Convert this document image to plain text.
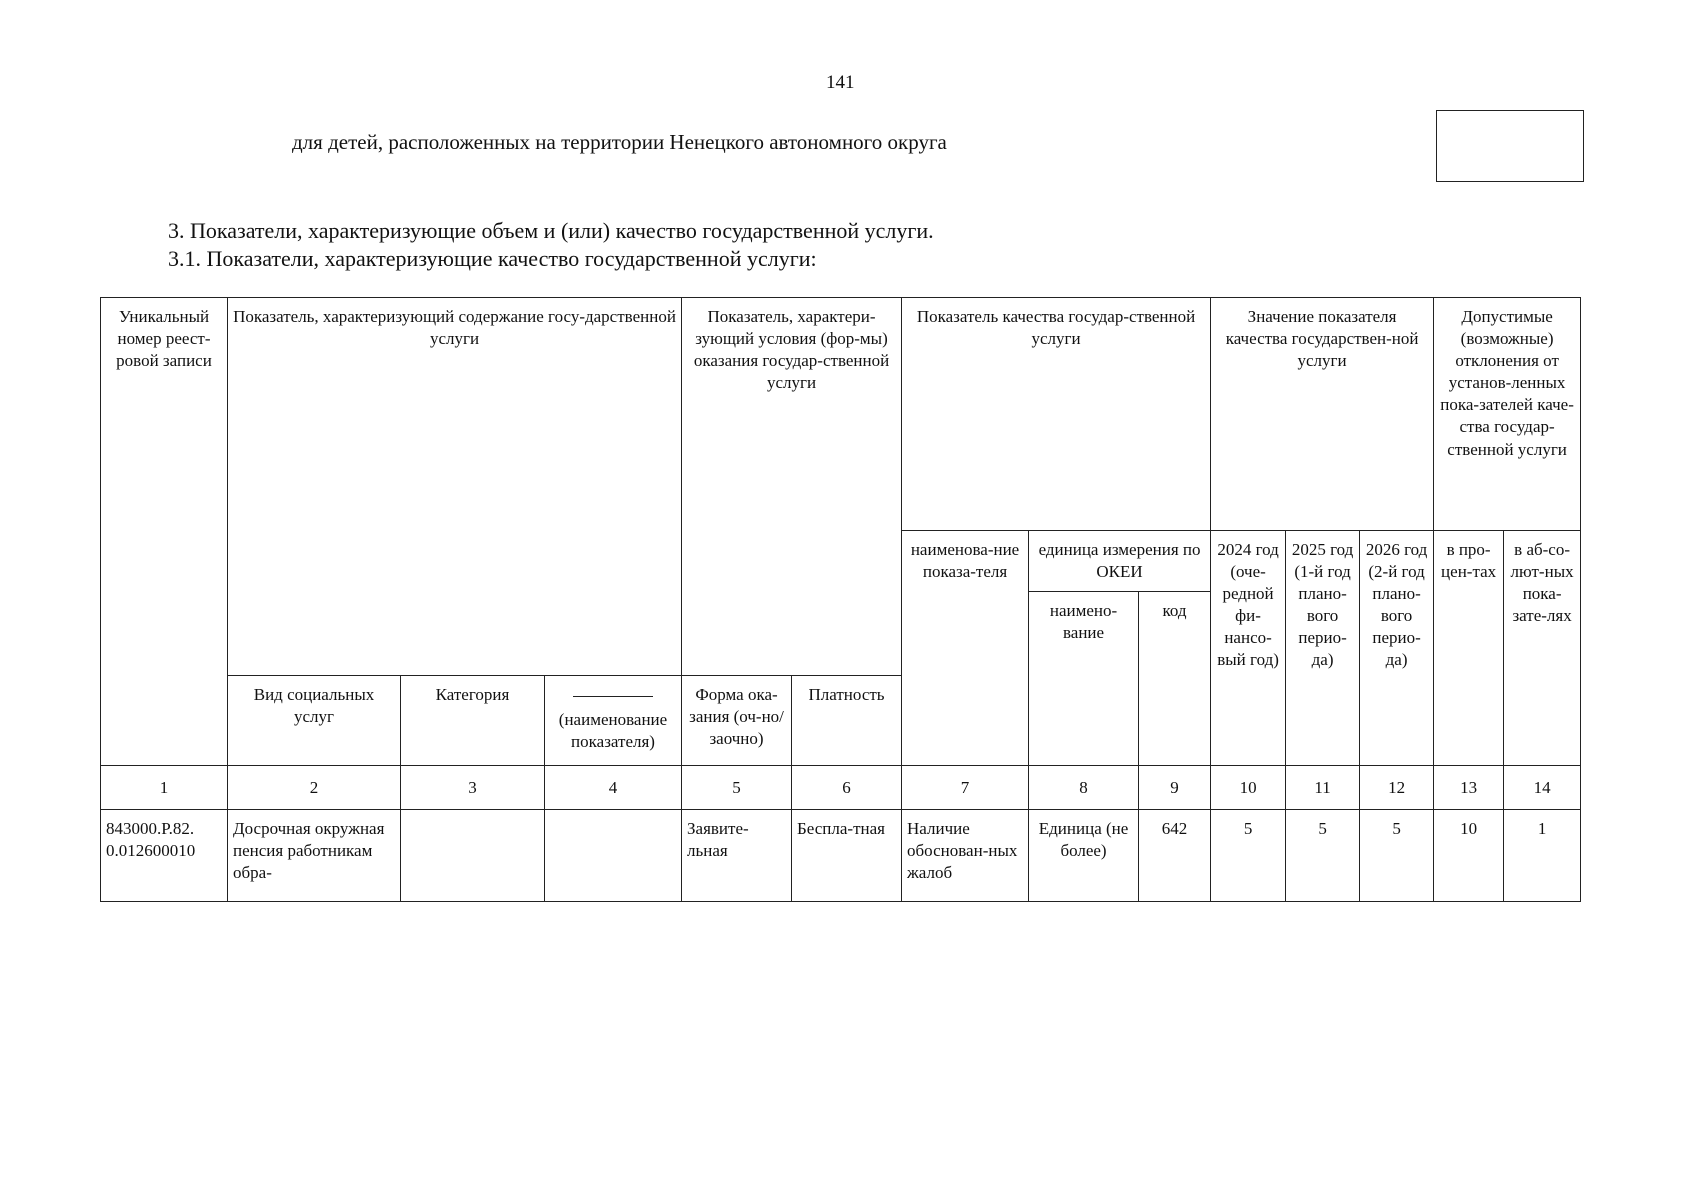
141
для детей, расположенных на территории Ненецкого автономного округа
3. Показатели, характеризующие объем и (или) качество государственной услуги.
3.1. Показатели, характеризующие качество государственной услуги:
Уникальный номер реест-ровой записи	Показатель, характеризующий содержание госу-дарственной услуги			Показатель, характери-зующий условия (фор-мы) оказания государ-ственной услуги		Показатель качества государ-ственной услуги			Значение показателя качества государствен-ной услуги			Допустимые (возможные) отклонения от установ-ленных пока-зателей каче-ства государ-ственной услуги	
						наименова-ние показа-теля	единица измерения по ОКЕИ		2024 год (оче-редной фи-нансо-вый год)	2025 год (1-й год плано-вого перио-да)	2026 год (2-й год плано-вого перио-да)	в про-цен-тах	в аб-со-лют-ных пока-зате-лях
							наимено-вание	код					
	Вид социальных услуг	Категория	(наименование показателя)	Форма ока-зания (оч-но/заочно)	Платность								
1	2	3	4	5	6	7	8	9	10	11	12	13	14
843000.Р.82. 0.012600010	Досрочная окружная пенсия работникам обра-			Заявите-льная	Бесплa-тная	Наличие обоснован-ных жалоб	Единица (не более)	642	5	5	5	10	1
